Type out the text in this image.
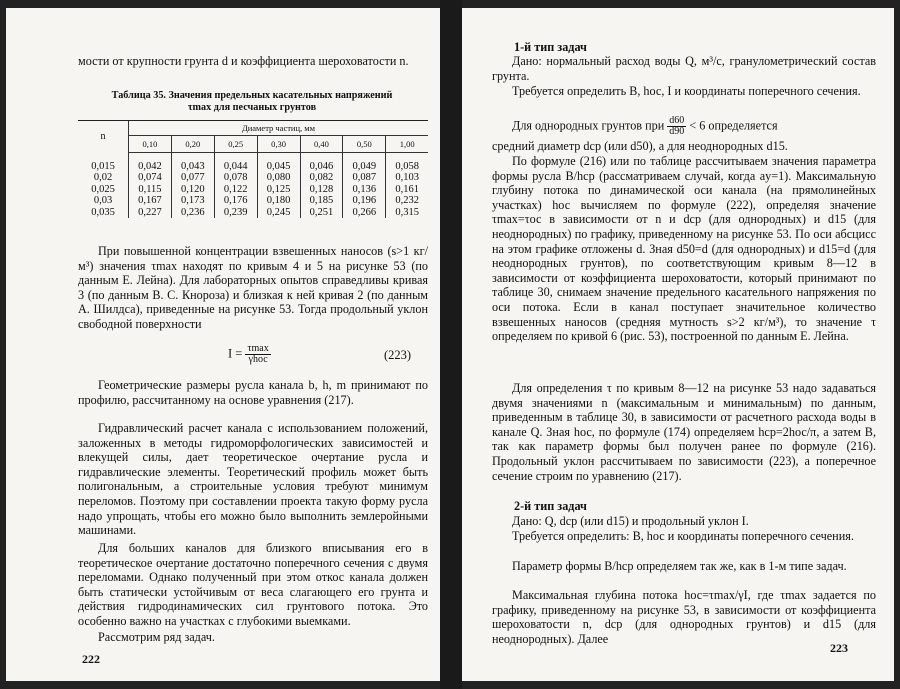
мости от крупности грунта d и коэффициента шероховатости n.
Таблица 35. Значения предельных касательных напряжений
τmax для песчаных грунтов
n	Диаметр частиц, мм						
	0,10	0,20	0,25	0,30	0,40	0,50	1,00
0,015	0,042	0,043	0,044	0,045	0,046	0,049	0,058
0,02	0,074	0,077	0,078	0,080	0,082	0,087	0,103
0,025	0,115	0,120	0,122	0,125	0,128	0,136	0,161
0,03	0,167	0,173	0,176	0,180	0,185	0,196	0,232
0,035	0,227	0,236	0,239	0,245	0,251	0,266	0,315
При повышенной концентрации взвешенных наносов (s>1 кг/м³) значения τmax находят по кривым 4 и 5 на рисунке 53 (по данным Е. Лейна). Для лабораторных опытов справедливы кривая 3 (по данным В. С. Кнороза) и близкая к ней кривая 2 (по данным А. Шилдса), приведенные на рисунке 53. Тогда продольный уклон свободной поверхности
$I = \frac{\tau\max}{\text{γhос}}$	(223)
Геометрические размеры русла канала b, h, m принимают по профилю, рассчитанному на основе уравнения (217).
Гидравлический расчет канала с использованием положений, заложенных в методы гидроморфологических зависимостей и влекущей силы, дает теоретическое очертание русла и гидравлические элементы. Теоретический профиль может быть полигональным, а строительные условия требуют минимум переломов. Поэтому при составлении проекта такую форму русла надо упрощать, чтобы его можно было выполнить землеройными машинами.
Для больших каналов для близкого вписывания его в теоретическое очертание достаточно поперечного сечения с двумя переломами. Однако полученный при этом откос канала должен быть статически устойчивым от веса слагающего его грунта и действия гидродинамических сил грунтового потока. Это особенно важно на участках с глубокими выемками.
Рассмотрим ряд задач.
222
1-й тип задач
Дано: нормальный расход воды Q, м³/с, гранулометрический состав грунта.
Требуется определить B, hос, I и координаты поперечного сечения.
Для однородных грунтов при $\frac{d60}{d90} < 6$ определяется
средний диаметр dср (или d50), а для неоднородных d15.
По формуле (216) или по таблице рассчитываем значения параметра формы русла B/hср (рассматриваем случай, когда aу=1). Максимальную глубину потока по динамической оси канала (на прямолинейных участках) hос вычисляем по формуле (222), определяя значение τmax=τос в зависимости от n и dср (для однородных) и d15 (для неоднородных) по графику, приведенному на рисунке 53. По оси абсцисс на этом графике отложены d. Зная d50=d (для однородных) и d15=d (для неоднородных грунтов), по соответствующим кривым 8—12 в зависимости от коэффициента шероховатости, который принимают по таблице 30, снимаем значение предельного касательного напряжения по оси потока. Если в канал поступает значительное количество взвешенных наносов (средняя мутность s>2 кг/м³), то значение τ определяем по кривой 6 (рис. 53), построенной по данным Е. Лейна.
Для определения τ по кривым 8—12 на рисунке 53 надо задаваться двумя значениями n (максимальным и минимальным) по данным, приведенным в таблице 30, в зависимости от расчетного расхода воды в канале Q. Зная hос, по формуле (174) определяем hср=2hос/π, а затем B, так как параметр формы был получен ранее по формуле (216). Продольный уклон рассчитываем по зависимости (223), а поперечное сечение строим по уравнению (217).
2-й тип задач
Дано: Q, dср (или d15) и продольный уклон I.
Требуется определить: B, hос и координаты поперечного сечения.
Параметр формы B/hср определяем так же, как в 1-м типе задач.
Максимальная глубина потока hос=τmax/γI, где τmax задается по графику, приведенному на рисунке 53, в зависимости от коэффициента шероховатости n, dср (для однородных грунтов) и d15 (для неоднородных). Далее
223
